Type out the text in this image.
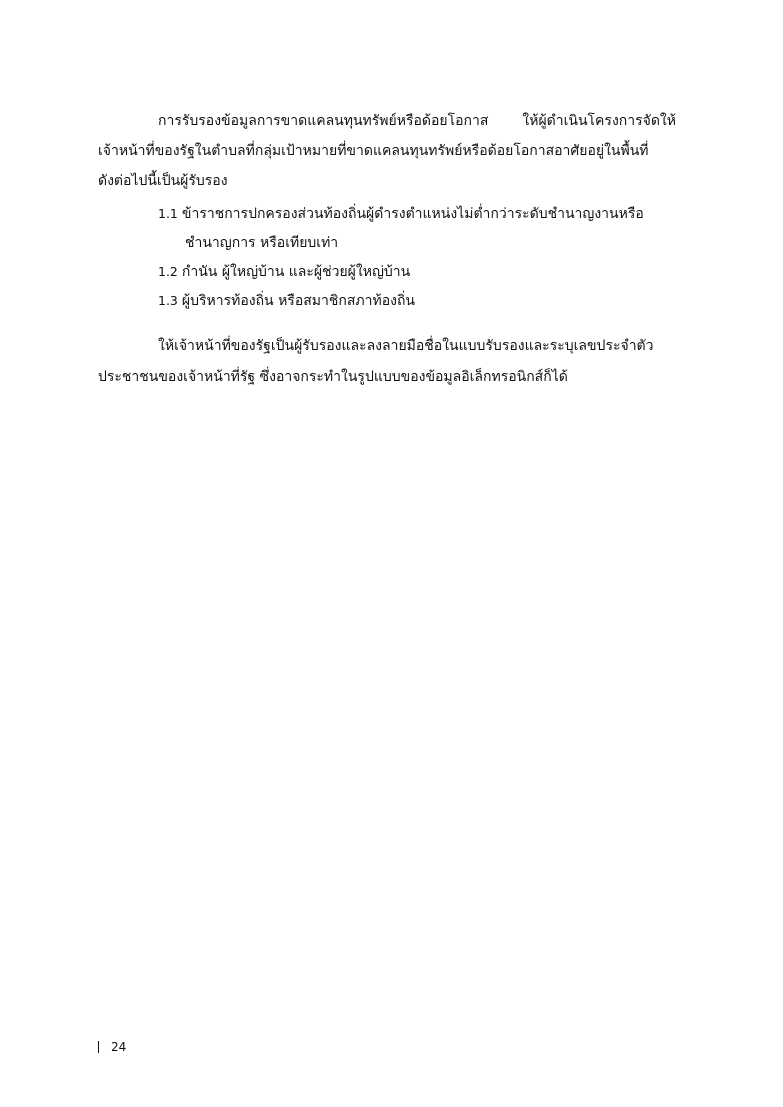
การรับรองข้อมูลการขาดแคลนทุนทรัพย์หรือด้อยโอกาส ให้ผู้ดำเนินโครงการจัดให้
เจ้าหน้าที่ของรัฐในตำบลที่กลุ่มเป้าหมายที่ขาดแคลนทุนทรัพย์หรือด้อยโอกาสอาศัยอยู่ในพื้นที่
ดังต่อไปนี้เป็นผู้รับรอง
1.1 ข้าราชการปกครองส่วนท้องถิ่นผู้ดำรงตำแหน่งไม่ต่ำกว่าระดับชำนาญงานหรือ
ชำนาญการ หรือเทียบเท่า
1.2 กำนัน ผู้ใหญ่บ้าน และผู้ช่วยผู้ใหญ่บ้าน
1.3 ผู้บริหารท้องถิ่น หรือสมาชิกสภาท้องถิ่น
ให้เจ้าหน้าที่ของรัฐเป็นผู้รับรองและลงลายมือชื่อในแบบรับรองและระบุเลขประจำตัว
ประชาชนของเจ้าหน้าที่รัฐ ซึ่งอาจกระทำในรูปแบบของข้อมูลอิเล็กทรอนิกส์ก็ได้
24
